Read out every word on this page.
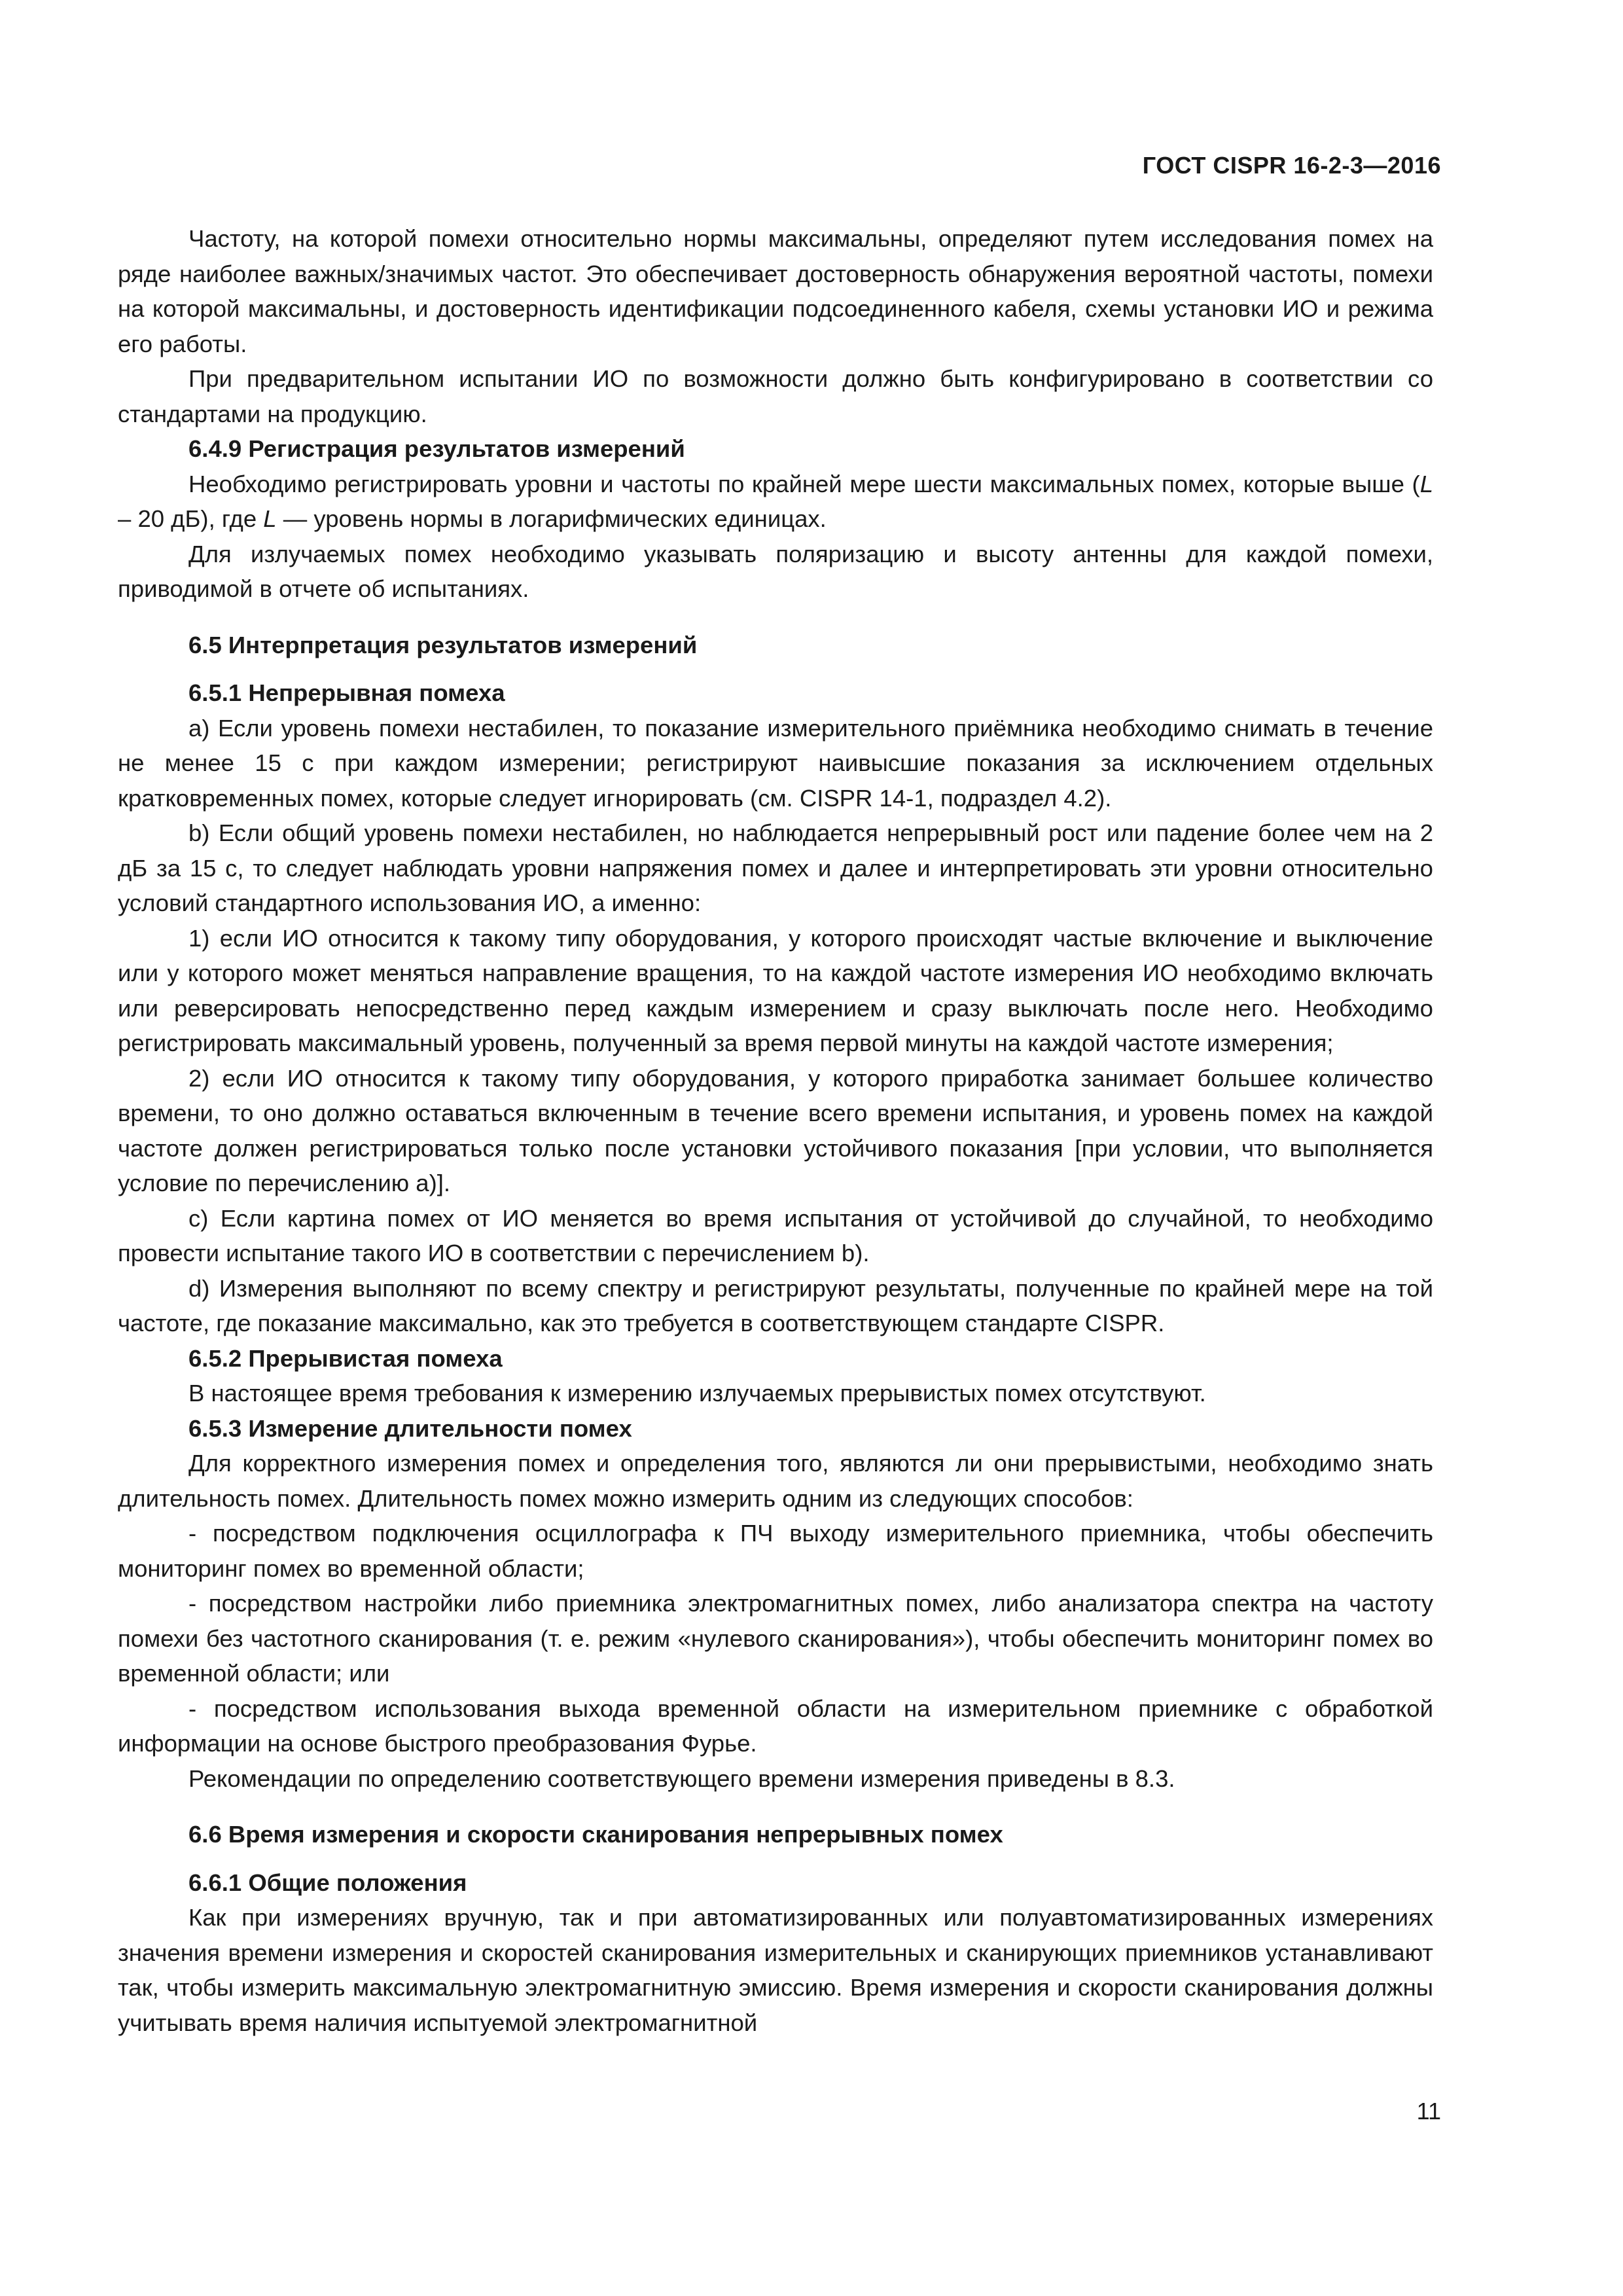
ГОСТ CISPR 16-2-3—2016

Частоту, на которой помехи относительно нормы максимальны, определяют путем исследования помех на ряде наиболее важных/значимых частот. Это обеспечивает достоверность обнаружения вероятной частоты, помехи на которой максимальны, и достоверность идентификации подсоединенного кабеля, схемы установки ИО и режима его работы.

При предварительном испытании ИО по возможности должно быть конфигурировано в соответствии со стандартами на продукцию.

6.4.9 Регистрация результатов измерений

Необходимо регистрировать уровни и частоты по крайней мере шести максимальных помех, которые выше (L – 20 дБ), где L — уровень нормы в логарифмических единицах.

Для излучаемых помех необходимо указывать поляризацию и высоту антенны для каждой помехи, приводимой в отчете об испытаниях.

6.5 Интерпретация результатов измерений

6.5.1 Непрерывная помеха

a) Если уровень помехи нестабилен, то показание измерительного приёмника необходимо снимать в течение не менее 15 с при каждом измерении; регистрируют наивысшие показания за исключением отдельных кратковременных помех, которые следует игнорировать (см. CISPR 14-1, подраздел 4.2).

b) Если общий уровень помехи нестабилен, но наблюдается непрерывный рост или падение более чем на 2 дБ за 15 с, то следует наблюдать уровни напряжения помех и далее и интерпретировать эти уровни относительно условий стандартного использования ИО, а именно:

1) если ИО относится к такому типу оборудования, у которого происходят частые включение и выключение или у которого может меняться направление вращения, то на каждой частоте измерения ИО необходимо включать или реверсировать непосредственно перед каждым измерением и сразу выключать после него. Необходимо регистрировать максимальный уровень, полученный за время первой минуты на каждой частоте измерения;

2) если ИО относится к такому типу оборудования, у которого приработка занимает большее количество времени, то оно должно оставаться включенным в течение всего времени испытания, и уровень помех на каждой частоте должен регистрироваться только после установки устойчивого показания [при условии, что выполняется условие по перечислению a)].

c) Если картина помех от ИО меняется во время испытания от устойчивой до случайной, то необходимо провести испытание такого ИО в соответствии с перечислением b).

d) Измерения выполняют по всему спектру и регистрируют результаты, полученные по крайней мере на той частоте, где показание максимально, как это требуется в соответствующем стандарте CISPR.

6.5.2 Прерывистая помеха

В настоящее время требования к измерению излучаемых прерывистых помех отсутствуют.

6.5.3 Измерение длительности помех

Для корректного измерения помех и определения того, являются ли они прерывистыми, необходимо знать длительность помех. Длительность помех можно измерить одним из следующих способов:

- посредством подключения осциллографа к ПЧ выходу измерительного приемника, чтобы обеспечить мониторинг помех во временной области;

- посредством настройки либо приемника электромагнитных помех, либо анализатора спектра на частоту помехи без частотного сканирования (т. е. режим «нулевого сканирования»), чтобы обеспечить мониторинг помех во временной области; или

- посредством использования выхода временной области на измерительном приемнике с обработкой информации на основе быстрого преобразования Фурье.

Рекомендации по определению соответствующего времени измерения приведены в 8.3.

6.6 Время измерения и скорости сканирования непрерывных помех

6.6.1 Общие положения

Как при измерениях вручную, так и при автоматизированных или полуавтоматизированных измерениях значения времени измерения и скоростей сканирования измерительных и сканирующих приемников устанавливают так, чтобы измерить максимальную электромагнитную эмиссию. Время измерения и скорости сканирования должны учитывать время наличия испытуемой электромагнитной

11
